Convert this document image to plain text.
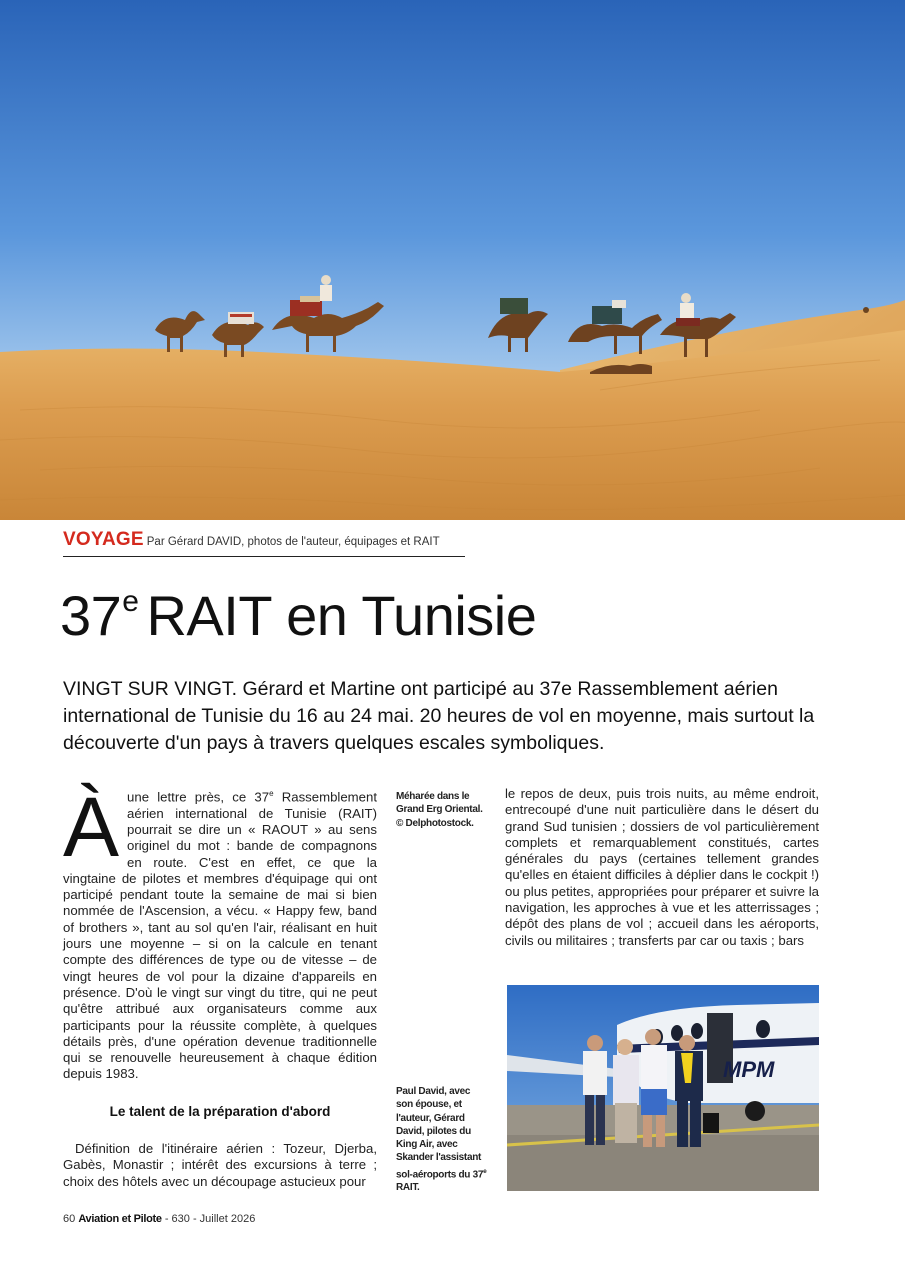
VOYAGE Par Gérard DAVID, photos de l'auteur, équipages et RAIT
37e RAIT en Tunisie

VINGT SUR VINGT. Gérard et Martine ont participé au 37e Rassemblement aérien international de Tunisie du 16 au 24 mai. 20 heures de vol en moyenne, mais surtout la découverte d'un pays à travers quelques escales symboliques.

À une lettre près, ce 37e Rassemblement aérien international de Tunisie (RAIT) pourrait se dire un « RAOUT » au sens originel du mot : bande de compagnons en route. C'est en effet, ce que la vingtaine de pilotes et membres d'équipage qui ont participé pendant toute la semaine de mai si bien nommée de l'Ascension, a vécu. « Happy few, band of brothers », tant au sol qu'en l'air, réalisant en huit jours une moyenne – si on la calcule en tenant compte des différences de type ou de vitesse – de vingt heures de vol pour la dizaine d'appareils en présence. D'où le vingt sur vingt du titre, qui ne peut qu'être attribué aux organisateurs comme aux participants pour la réussite complète, à quelques détails près, d'une opération devenue traditionnelle qui se renouvelle heureusement à chaque édition depuis 1983.
Le talent de la préparation d'abord
Définition de l'itinéraire aérien : Tozeur, Djerba, Gabès, Monastir ; intérêt des excursions à terre ; choix des hôtels avec un découpage astucieux pour
Méharée dans le Grand Erg Oriental. © Delphotostock.
Paul David, avec son épouse, et l'auteur, Gérard David, pilotes du King Air, avec Skander l'assistant sol-aéroports du 37e RAIT.
le repos de deux, puis trois nuits, au même endroit, entrecoupé d'une nuit particulière dans le désert du grand Sud tunisien ; dossiers de vol particulièrement complets et remarquablement constitués, cartes générales du pays (certaines tellement grandes qu'elles en étaient difficiles à déplier dans le cockpit !) ou plus petites, appropriées pour préparer et suivre la navigation, les approches à vue et les atterrissages ; dépôt des plans de vol ; accueil dans les aéroports, civils ou militaires ; transferts par car ou taxis ; bars
MPM
60 Aviation et Pilote - 630 - Juillet 2026
